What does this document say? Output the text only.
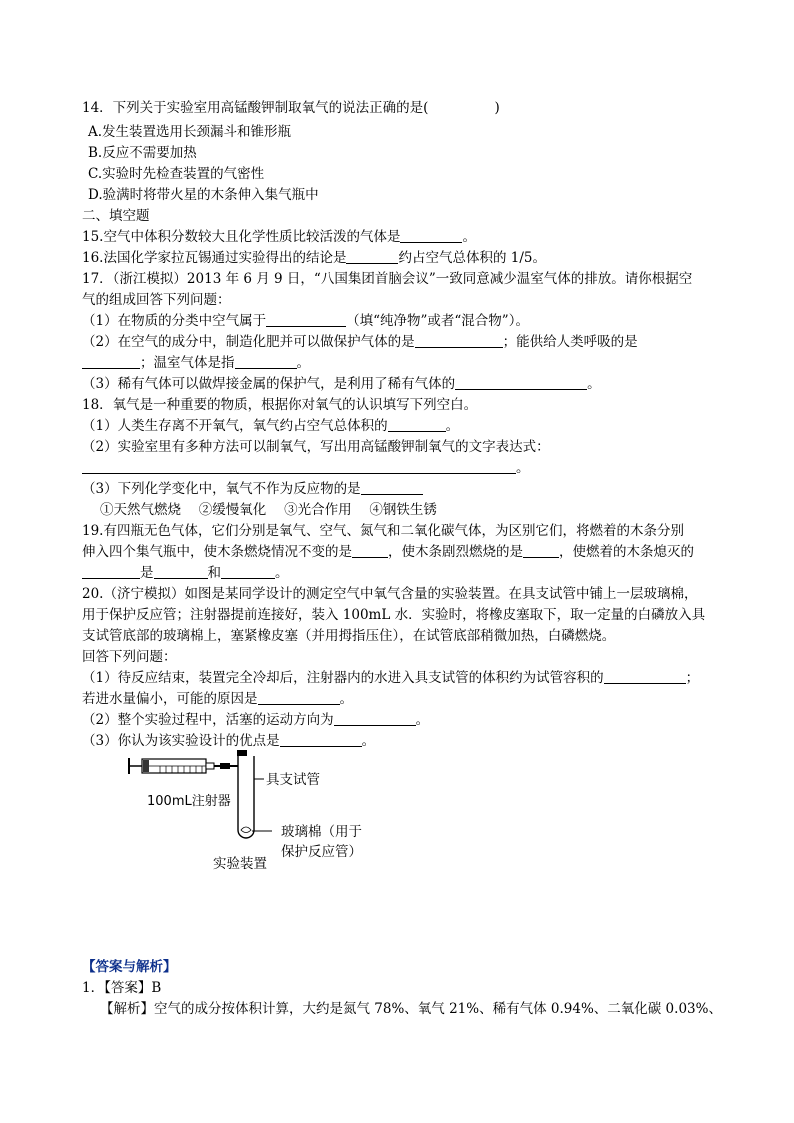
14．下列关于实验室用高锰酸钾制取氧气的说法正确的是(	)
A.发生装置选用长颈漏斗和锥形瓶
B.反应不需要加热
C.实验时先检查装置的气密性
D.验满时将带火星的木条伸入集气瓶中
二、填空题
15.空气中体积分数较大且化学性质比较活泼的气体是	。
16.法国化学家拉瓦锡通过实验得出的结论是	约占空气总体积的 1/5。
17．（浙江模拟）2013 年 6 月 9 日，“八国集团首脑会议”一致同意减少温室气体的排放。请你根据空
气的组成回答下列问题：
（1）在物质的分类中空气属于	（填“纯净物”或者“混合物”）。
（2）在空气的成分中，制造化肥并可以做保护气体的是	；能供给人类呼吸的是
；温室气体是指	。
（3）稀有气体可以做焊接金属的保护气，是利用了稀有气体的	。
18．氧气是一种重要的物质，根据你对氧气的认识填写下列空白。
（1）人类生存离不开氧气，氧气约占空气总体积的	。
（2）实验室里有多种方法可以制氧气，写出用高锰酸钾制氧气的文字表达式：
。
（3）下列化学变化中，氧气不作为反应物的是
①天然气燃烧　 ②缓慢氧化　 ③光合作用　 ④钢铁生锈
19.有四瓶无色气体，它们分别是氧气、空气、氮气和二氧化碳气体，为区别它们，将燃着的木条分别
伸入四个集气瓶中，使木条燃烧情况不变的是	，使木条剧烈燃烧的是	，使燃着的木条熄灭的
是	和	。
20.（济宁模拟）如图是某同学设计的测定空气中氧气含量的实验装置。在具支试管中铺上一层玻璃棉，
用于保护反应管；注射器提前连接好，装入 100mL 水．实验时，将橡皮塞取下，取一定量的白磷放入具
支试管底部的玻璃棉上，塞紧橡皮塞（并用拇指压住），在试管底部稍微加热，白磷燃烧。
回答下列问题：
（1）待反应结束，装置完全冷却后，注射器内的水进入具支试管的体积约为试管容积的	；
若进水量偏小，可能的原因是	。
（2）整个实验过程中，活塞的运动方向为	。
（3）你认为该实验设计的优点是	。
具支试管
100mL注射器
玻璃棉（用于
保护反应管）
实验装置
【答案与解析】
1．【答案】B
【解析】空气的成分按体积计算，大约是氮气 78%、氧气 21%、稀有气体 0.94%、二氧化碳 0.03%、
